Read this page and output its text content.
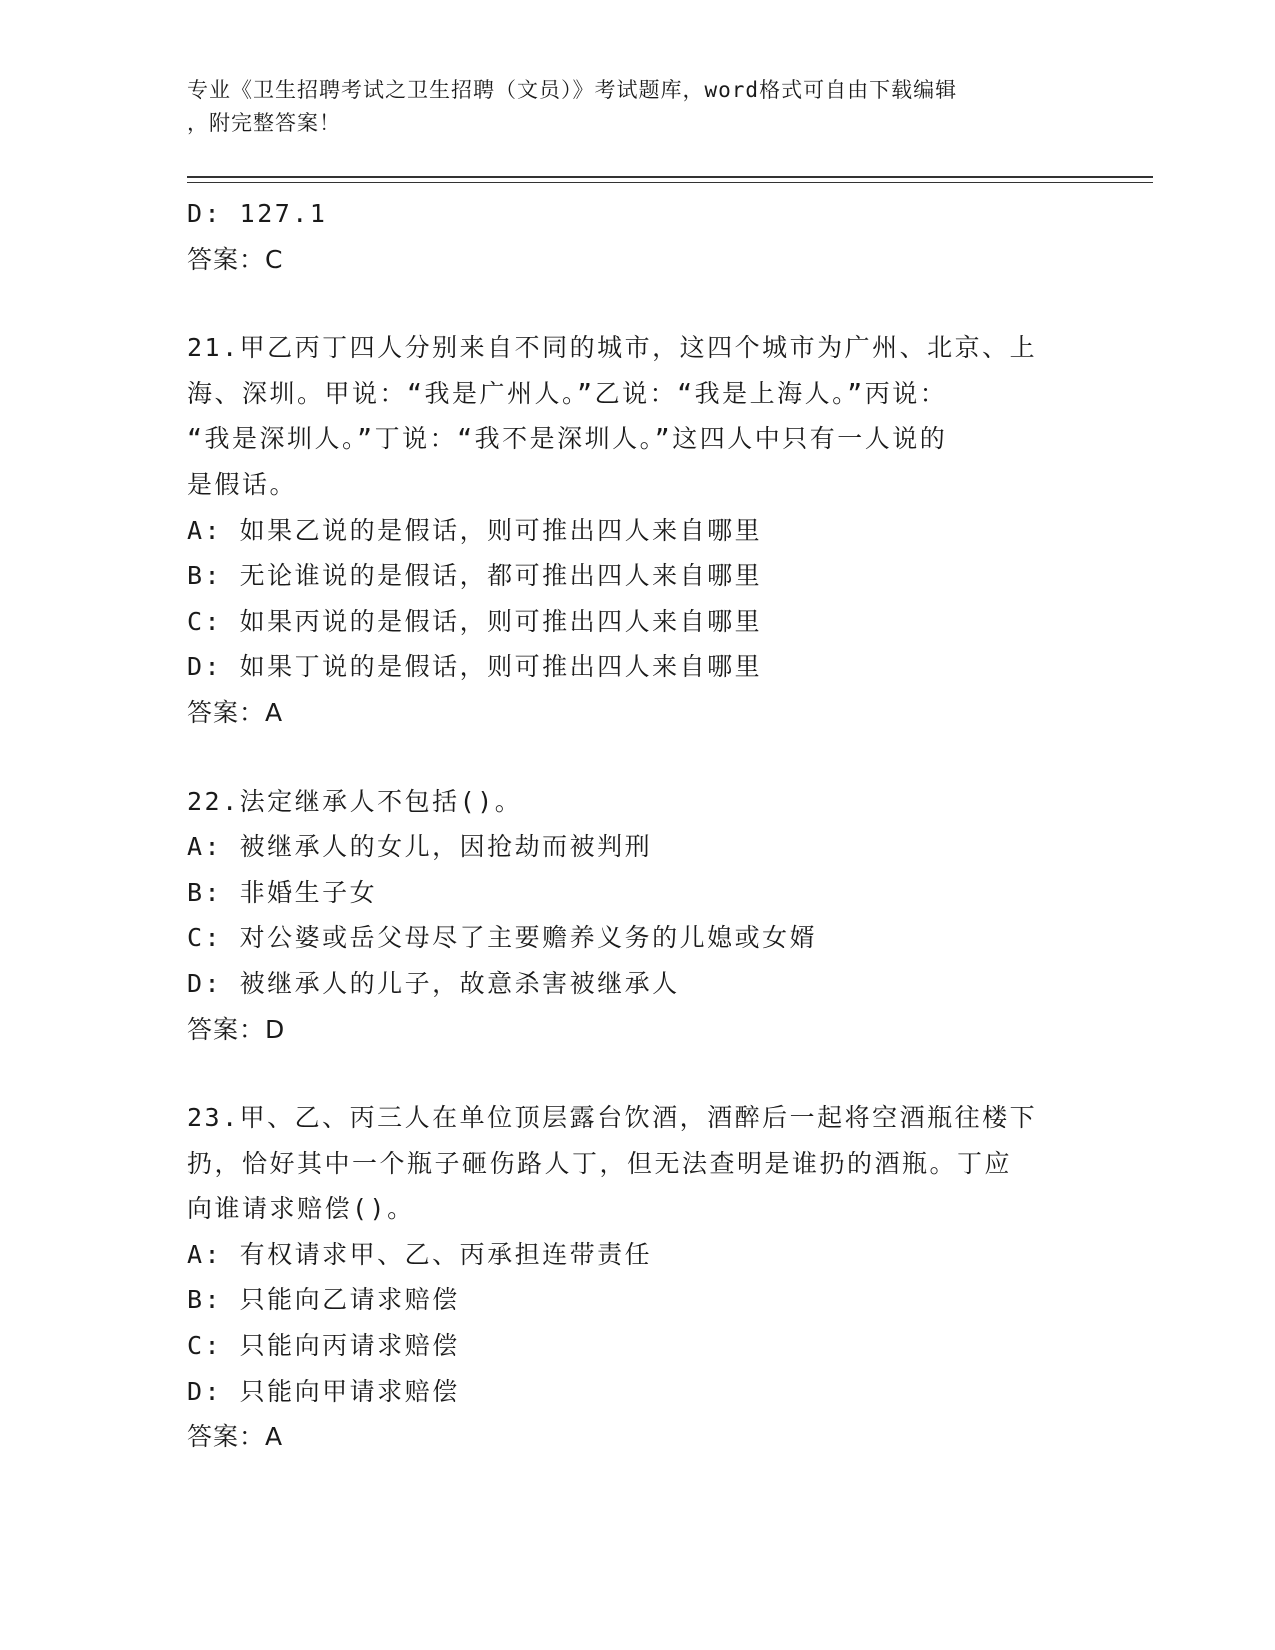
专业《卫生招聘考试之卫生招聘（文员）》考试题库，word格式可自由下载编辑
，附完整答案！
D: 127.1
答案：C
21.甲乙丙丁四人分别来自不同的城市，这四个城市为广州、北京、上
海、深圳。甲说：“我是广州人。”乙说：“我是上海人。”丙说：
“我是深圳人。”丁说：“我不是深圳人。”这四人中只有一人说的
是假话。
A: 如果乙说的是假话，则可推出四人来自哪里
B: 无论谁说的是假话，都可推出四人来自哪里
C: 如果丙说的是假话，则可推出四人来自哪里
D: 如果丁说的是假话，则可推出四人来自哪里
答案：A
22.法定继承人不包括()。
A: 被继承人的女儿，因抢劫而被判刑
B: 非婚生子女
C: 对公婆或岳父母尽了主要赡养义务的儿媳或女婿
D: 被继承人的儿子，故意杀害被继承人
答案：D
23.甲、乙、丙三人在单位顶层露台饮酒，酒醉后一起将空酒瓶往楼下
扔，恰好其中一个瓶子砸伤路人丁，但无法查明是谁扔的酒瓶。丁应
向谁请求赔偿()。
A: 有权请求甲、乙、丙承担连带责任
B: 只能向乙请求赔偿
C: 只能向丙请求赔偿
D: 只能向甲请求赔偿
答案：A
